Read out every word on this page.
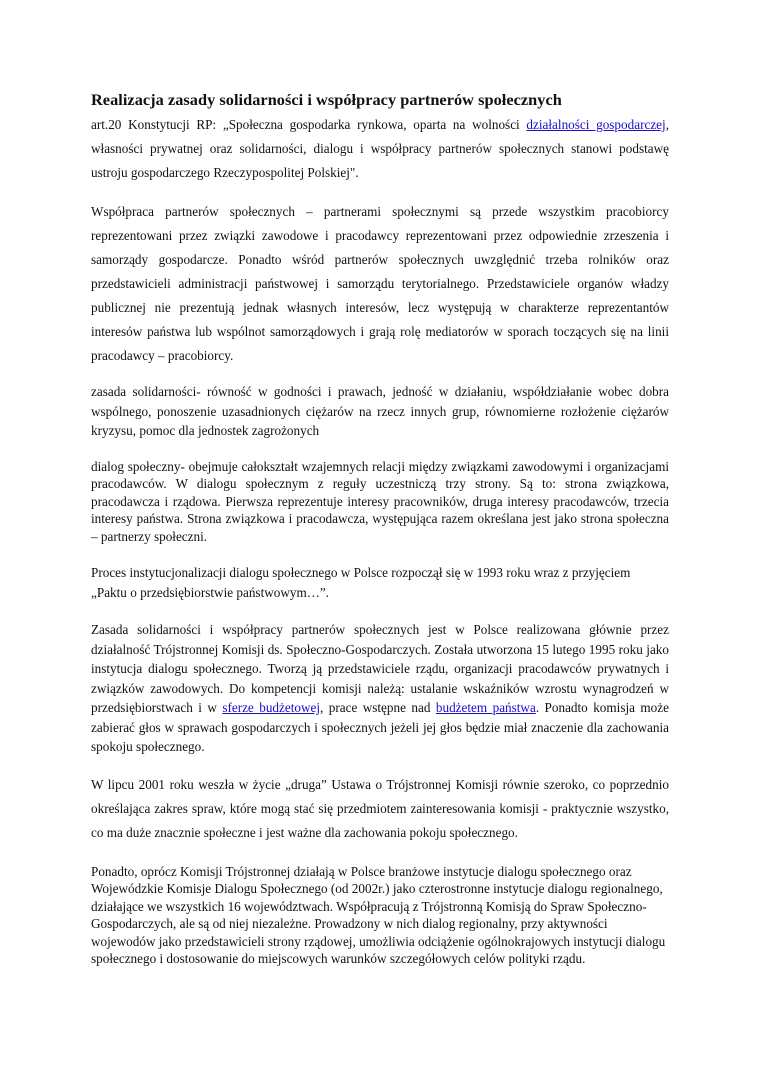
Realizacja zasady solidarności i współpracy partnerów społecznych

art.20 Konstytucji RP: „Społeczna gospodarka rynkowa, oparta na wolności działalności gospodarczej, własności prywatnej oraz solidarności, dialogu i współpracy partnerów społecznych stanowi podstawę ustroju gospodarczego Rzeczypospolitej Polskiej".

Współpraca partnerów społecznych – partnerami społecznymi są przede wszystkim pracobiorcy reprezentowani przez związki zawodowe i pracodawcy reprezentowani przez odpowiednie zrzeszenia i samorządy gospodarcze. Ponadto wśród partnerów społecznych uwzględnić trzeba rolników oraz przedstawicieli administracji państwowej i samorządu terytorialnego. Przedstawiciele organów władzy publicznej nie prezentują jednak własnych interesów, lecz występują w charakterze reprezentantów interesów państwa lub wspólnot samorządowych i grają rolę mediatorów w sporach toczących się na linii pracodawcy – pracobiorcy.

zasada solidarności- równość w godności i prawach, jedność w działaniu, współdziałanie wobec dobra wspólnego, ponoszenie uzasadnionych ciężarów na rzecz innych grup, równomierne rozłożenie ciężarów kryzysu, pomoc dla jednostek zagrożonych

dialog społeczny- obejmuje całokształt wzajemnych relacji między związkami zawodowymi i organizacjami pracodawców. W dialogu społecznym z reguły uczestniczą trzy strony. Są to: strona związkowa, pracodawcza i rządowa. Pierwsza reprezentuje interesy pracowników, druga interesy pracodawców, trzecia interesy państwa. Strona związkowa i pracodawcza, występująca razem określana jest jako strona społeczna – partnerzy społeczni.

Proces instytucjonalizacji dialogu społecznego w Polsce rozpoczął się w 1993 roku wraz z przyjęciem „Paktu o przedsiębiorstwie państwowym…”.

Zasada solidarności i współpracy partnerów społecznych jest w Polsce realizowana głównie przez działalność Trójstronnej Komisji ds. Społeczno-Gospodarczych. Została utworzona 15 lutego 1995 roku jako instytucja dialogu społecznego. Tworzą ją przedstawiciele rządu, organizacji pracodawców prywatnych i związków zawodowych. Do kompetencji komisji należą: ustalanie wskaźników wzrostu wynagrodzeń w przedsiębiorstwach i w sferze budżetowej, prace wstępne nad budżetem państwa. Ponadto komisja może zabierać głos w sprawach gospodarczych i społecznych jeżeli jej głos będzie miał znaczenie dla zachowania spokoju społecznego.

W lipcu 2001 roku weszła w życie „druga” Ustawa o Trójstronnej Komisji równie szeroko, co poprzednio określająca zakres spraw, które mogą stać się przedmiotem zainteresowania komisji - praktycznie wszystko, co ma duże znacznie społeczne i jest ważne dla zachowania pokoju społecznego.

Ponadto, oprócz Komisji Trójstronnej działają w Polsce branżowe instytucje dialogu społecznego oraz Wojewódzkie Komisje Dialogu Społecznego (od 2002r.) jako czterostronne instytucje dialogu regionalnego, działające we wszystkich 16 województwach. Współpracują z Trójstronną Komisją do Spraw Społeczno-Gospodarczych, ale są od niej niezależne. Prowadzony w nich dialog regionalny, przy aktywności wojewodów jako przedstawicieli strony rządowej, umożliwia odciążenie ogólnokrajowych instytucji dialogu społecznego i dostosowanie do miejscowych warunków szczegółowych celów polityki rządu.
